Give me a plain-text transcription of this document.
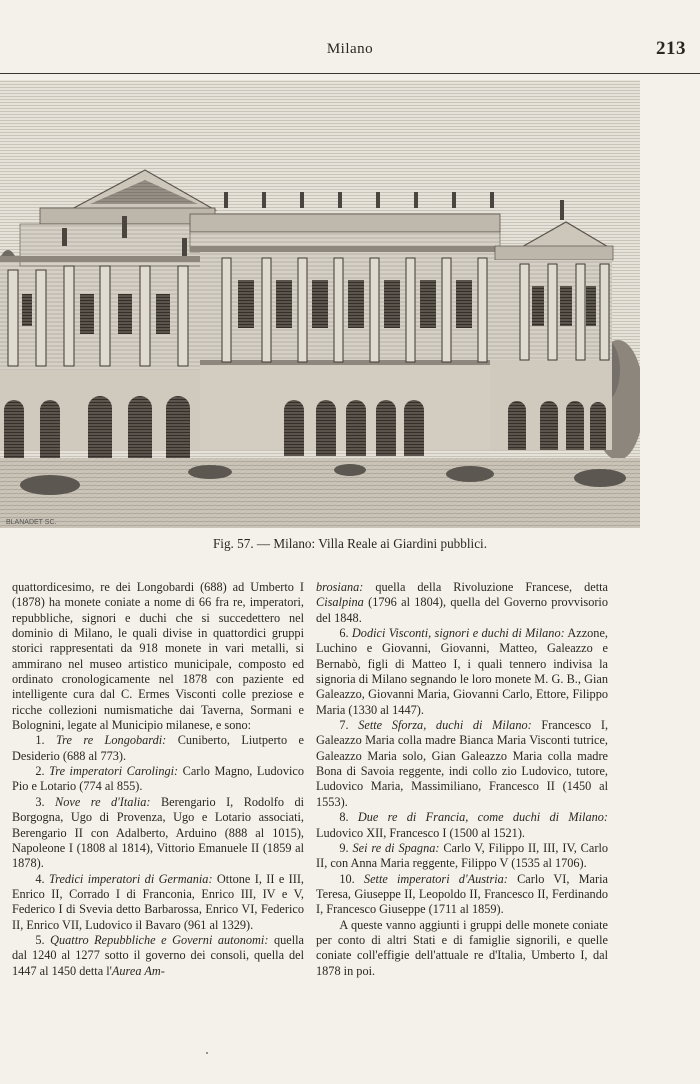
Milano	213
BLANADET SC.
Fig. 57. — Milano: Villa Reale ai Giardini pubblici.

quattordicesimo, re dei Longobardi (688) ad Umberto I (1878) ha monete coniate a nome di 66 fra re, imperatori, repubbliche, signori e duchi che si succedettero nel dominio di Milano, le quali divise in quattordici gruppi storici rappresentati da 918 monete in vari metalli, si ammirano nel museo artistico municipale, composto ed ordinato cronologicamente nel 1878 con paziente ed intelligente cura dal C. Ermes Visconti colle preziose e ricche collezioni numismatiche dai Taverna, Sormani e Bolognini, legate al Municipio milanese, e sono:

1. Tre re Longobardi: Cuniberto, Liutperto e Desiderio (688 al 773).

2. Tre imperatori Carolingi: Carlo Magno, Ludovico Pio e Lotario (774 al 855).

3. Nove re d'Italia: Berengario I, Rodolfo di Borgogna, Ugo di Provenza, Ugo e Lotario associati, Berengario II con Adalberto, Arduino (888 al 1015), Napoleone I (1808 al 1814), Vittorio Emanuele II (1859 al 1878).

4. Tredici imperatori di Germania: Ottone I, II e III, Enrico II, Corrado I di Franconia, Enrico III, IV e V, Federico I di Svevia detto Barbarossa, Enrico VI, Federico II, Enrico VII, Ludovico il Bavaro (961 al 1329).

5. Quattro Repubbliche e Governi autonomi: quella dal 1240 al 1277 sotto il governo dei consoli, quella del 1447 al 1450 detta l'Aurea Am-

brosiana: quella della Rivoluzione Francese, detta Cisalpina (1796 al 1804), quella del Governo provvisorio del 1848.

6. Dodici Visconti, signori e duchi di Milano: Azzone, Luchino e Giovanni, Giovanni, Matteo, Galeazzo e Bernabò, figli di Matteo I, i quali tennero indivisa la signoria di Milano segnando le loro monete M. G. B., Gian Galeazzo, Giovanni Maria, Giovanni Carlo, Ettore, Filippo Maria (1330 al 1447).

7. Sette Sforza, duchi di Milano: Francesco I, Galeazzo Maria colla madre Bianca Maria Visconti tutrice, Galeazzo Maria solo, Gian Galeazzo Maria colla madre Bona di Savoia reggente, indi collo zio Ludovico, tutore, Ludovico Maria, Massimiliano, Francesco II (1450 al 1553).

8. Due re di Francia, come duchi di Milano: Ludovico XII, Francesco I (1500 al 1521).

9. Sei re di Spagna: Carlo V, Filippo II, III, IV, Carlo II, con Anna Maria reggente, Filippo V (1535 al 1706).

10. Sette imperatori d'Austria: Carlo VI, Maria Teresa, Giuseppe II, Leopoldo II, Francesco II, Ferdinando I, Francesco Giuseppe (1711 al 1859).

A queste vanno aggiunti i gruppi delle monete coniate per conto di altri Stati e di famiglie signorili, e quelle coniate coll'effigie dell'attuale re d'Italia, Umberto I, dal 1878 in poi.
